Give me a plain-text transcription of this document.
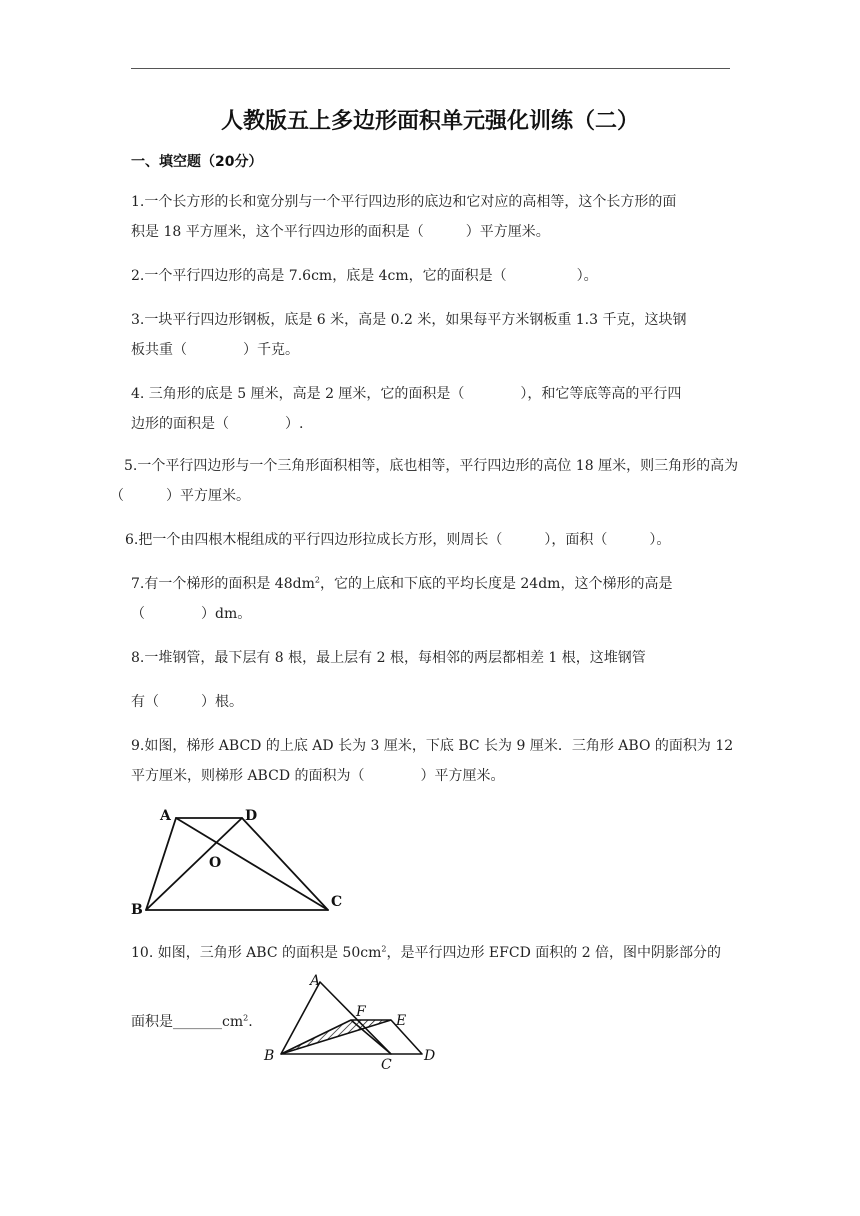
人教版五上多边形面积单元强化训练（二）
一、填空题（20分）
1.一个长方形的长和宽分别与一个平行四边形的底边和它对应的高相等，这个长方形的面
积是 18 平方厘米，这个平行四边形的面积是（　　　）平方厘米。
2.一个平行四边形的高是 7.6cm，底是 4cm，它的面积是（　　　　　）。
3.一块平行四边形钢板，底是 6 米，高是 0.2 米，如果每平方米钢板重 1.3 千克，这块钢
板共重（　　　　）千克。
4. 三角形的底是 5 厘米，高是 2 厘米，它的面积是（　　　　），和它等底等高的平行四
边形的面积是（　　　　）.
5.一个平行四边形与一个三角形面积相等，底也相等，平行四边形的高位 18 厘米，则三角形的高为
（　　　）平方厘米。
6.把一个由四根木棍组成的平行四边形拉成长方形，则周长（　　　），面积（　　　）。
7.有一个梯形的面积是 $48dm^2$，它的上底和下底的平均长度是 24dm，这个梯形的高是
（　　　　）dm。
8.一堆钢管，最下层有 8 根，最上层有 2 根，每相邻的两层都相差 1 根，这堆钢管
有（　　　）根。
9.如图，梯形 ABCD 的上底 AD 长为 3 厘米，下底 BC 长为 9 厘米．三角形 ABO 的面积为 12
平方厘米，则梯形 ABCD 的面积为（　　　　）平方厘米。
A	D
O
B	C
10. 如图，三角形 ABC 的面积是 $50cm^2$，是平行四边形 EFCD 面积的 2 倍，图中阴影部分的
面积是$\_\_\_\_\_\_\_cm^2$.
A
F
E
B
C
D
